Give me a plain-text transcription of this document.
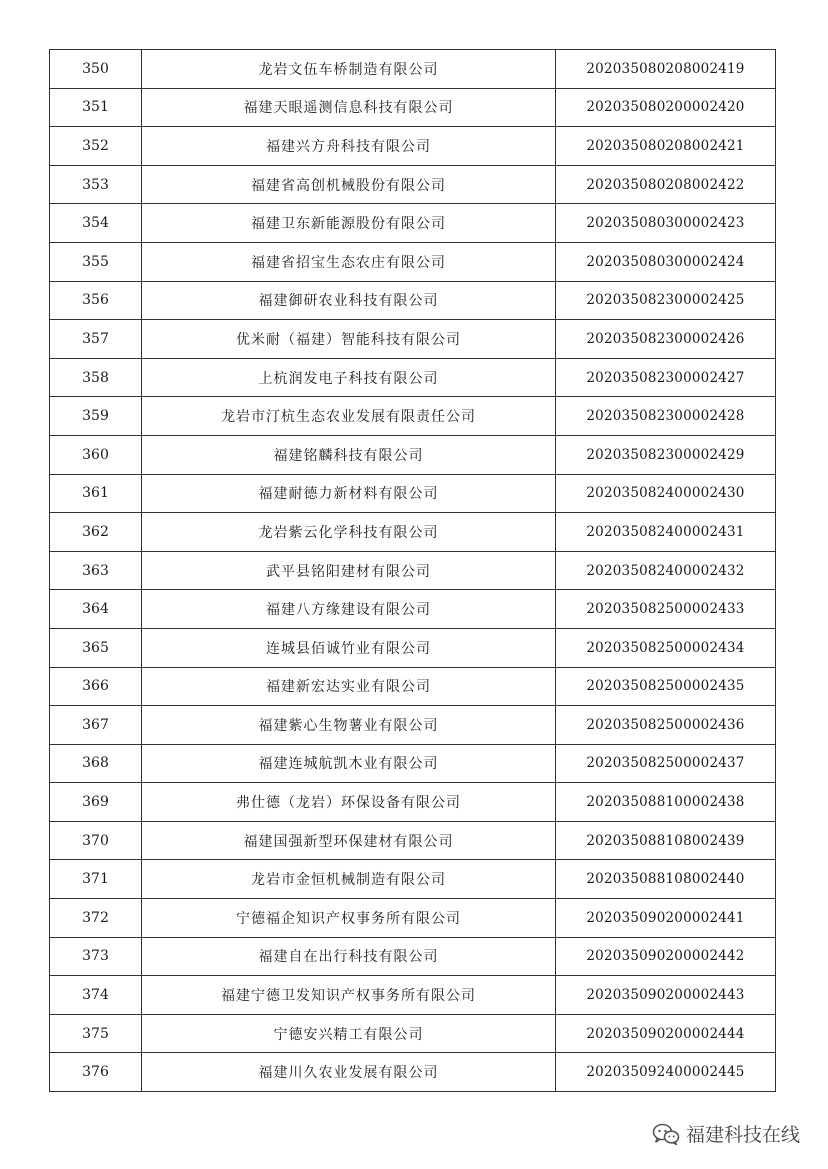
350	龙岩文伍车桥制造有限公司	202035080208002419
351	福建天眼遥测信息科技有限公司	202035080200002420
352	福建兴方舟科技有限公司	202035080208002421
353	福建省高创机械股份有限公司	202035080208002422
354	福建卫东新能源股份有限公司	202035080300002423
355	福建省招宝生态农庄有限公司	202035080300002424
356	福建御研农业科技有限公司	202035082300002425
357	优米耐（福建）智能科技有限公司	202035082300002426
358	上杭润发电子科技有限公司	202035082300002427
359	龙岩市汀杭生态农业发展有限责任公司	202035082300002428
360	福建铭麟科技有限公司	202035082300002429
361	福建耐德力新材料有限公司	202035082400002430
362	龙岩紫云化学科技有限公司	202035082400002431
363	武平县铭阳建材有限公司	202035082400002432
364	福建八方缘建设有限公司	202035082500002433
365	连城县佰诚竹业有限公司	202035082500002434
366	福建新宏达实业有限公司	202035082500002435
367	福建紫心生物薯业有限公司	202035082500002436
368	福建连城航凯木业有限公司	202035082500002437
369	弗仕德（龙岩）环保设备有限公司	202035088100002438
370	福建国强新型环保建材有限公司	202035088108002439
371	龙岩市金恒机械制造有限公司	202035088108002440
372	宁德福企知识产权事务所有限公司	202035090200002441
373	福建自在出行科技有限公司	202035090200002442
374	福建宁德卫发知识产权事务所有限公司	202035090200002443
375	宁德安兴精工有限公司	202035090200002444
376	福建川久农业发展有限公司	202035092400002445
福建科技在线
